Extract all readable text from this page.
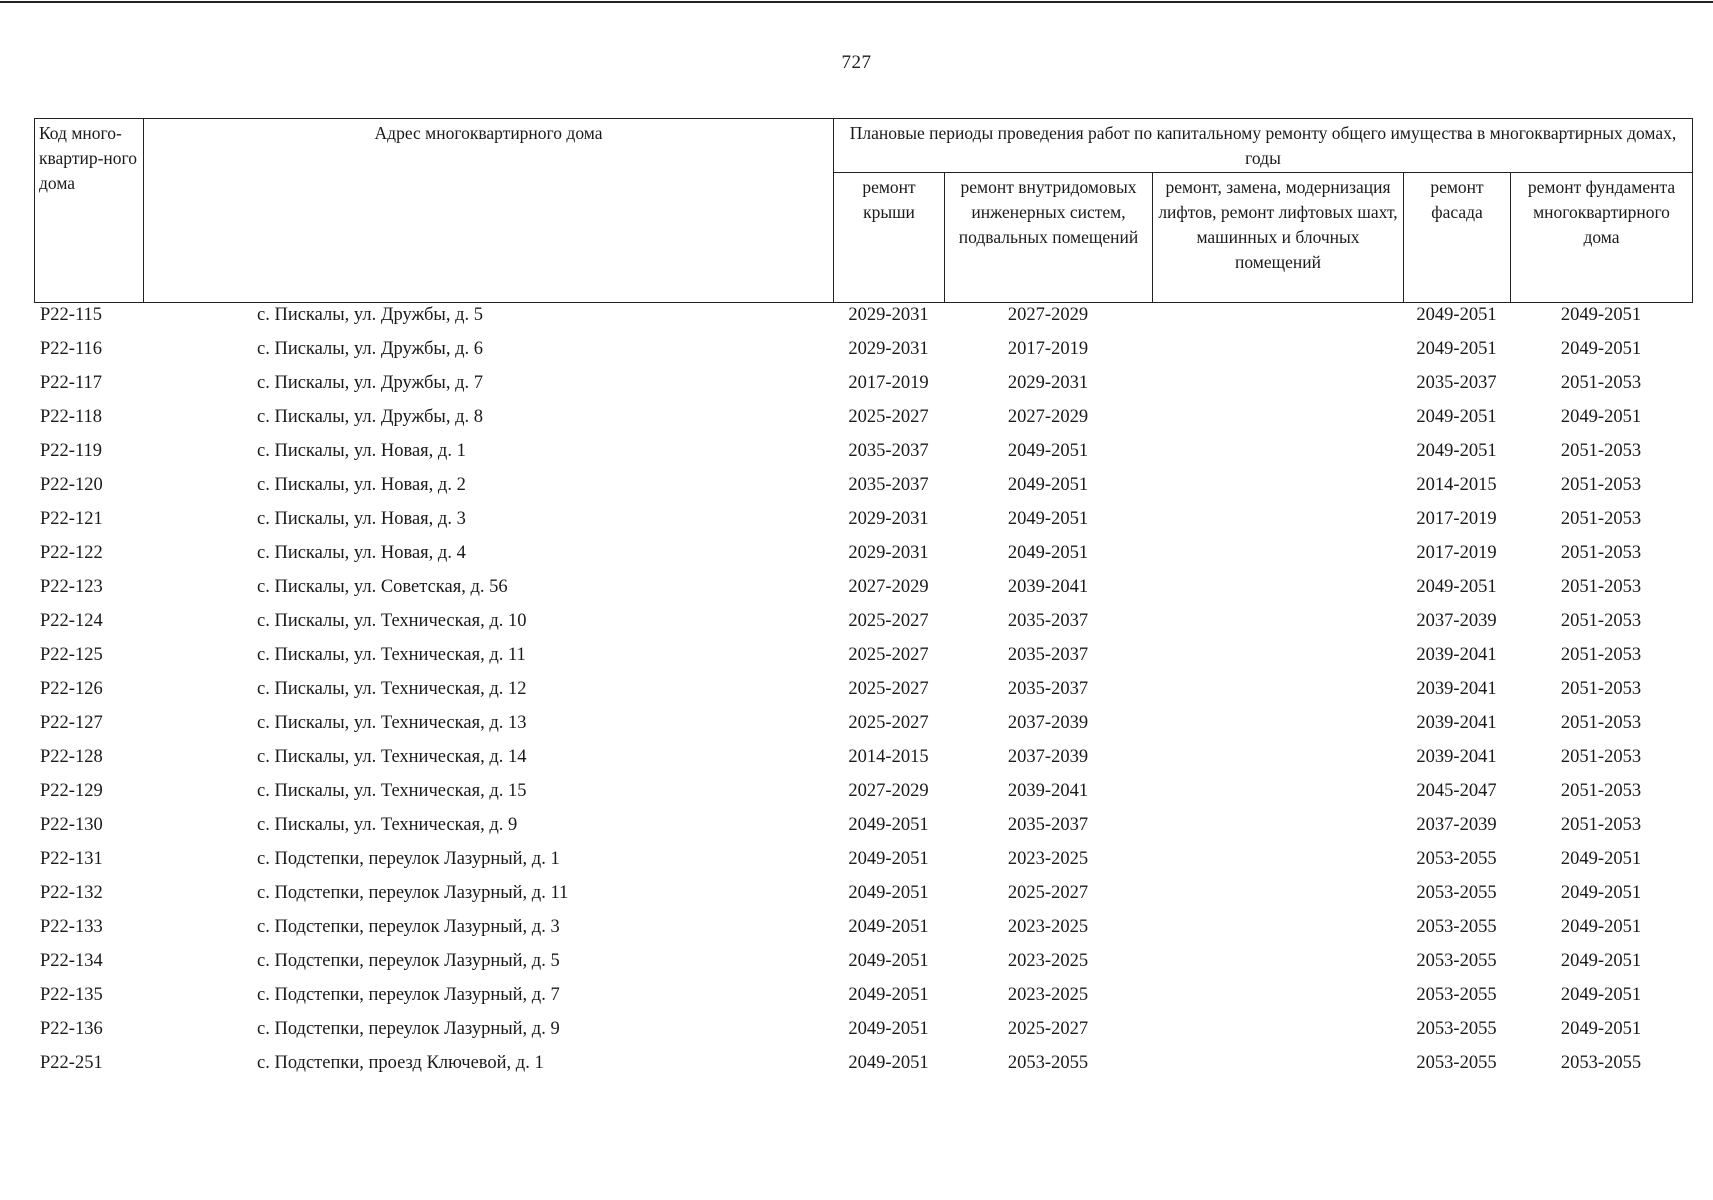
727
Код много-квартир-ного дома	Адрес многоквартирного дома	Плановые периоды проведения работ по капитальному ремонту общего имущества в многоквартирных домах, годы				
		ремонт крыши	ремонт внутридомовых инженерных систем, подвальных помещений	ремонт, замена, модернизация лифтов, ремонт лифтовых шахт, машинных и блочных помещений	ремонт фасада	ремонт фундамента многоквартирного дома
Р22-115	с. Пискалы, ул. Дружбы, д. 5	2029-2031	2027-2029		2049-2051	2049-2051
Р22-116	с. Пискалы, ул. Дружбы, д. 6	2029-2031	2017-2019		2049-2051	2049-2051
Р22-117	с. Пискалы, ул. Дружбы, д. 7	2017-2019	2029-2031		2035-2037	2051-2053
Р22-118	с. Пискалы, ул. Дружбы, д. 8	2025-2027	2027-2029		2049-2051	2049-2051
Р22-119	с. Пискалы, ул. Новая, д. 1	2035-2037	2049-2051		2049-2051	2051-2053
Р22-120	с. Пискалы, ул. Новая, д. 2	2035-2037	2049-2051		2014-2015	2051-2053
Р22-121	с. Пискалы, ул. Новая, д. 3	2029-2031	2049-2051		2017-2019	2051-2053
Р22-122	с. Пискалы, ул. Новая, д. 4	2029-2031	2049-2051		2017-2019	2051-2053
Р22-123	с. Пискалы, ул. Советская, д. 56	2027-2029	2039-2041		2049-2051	2051-2053
Р22-124	с. Пискалы, ул. Техническая, д. 10	2025-2027	2035-2037		2037-2039	2051-2053
Р22-125	с. Пискалы, ул. Техническая, д. 11	2025-2027	2035-2037		2039-2041	2051-2053
Р22-126	с. Пискалы, ул. Техническая, д. 12	2025-2027	2035-2037		2039-2041	2051-2053
Р22-127	с. Пискалы, ул. Техническая, д. 13	2025-2027	2037-2039		2039-2041	2051-2053
Р22-128	с. Пискалы, ул. Техническая, д. 14	2014-2015	2037-2039		2039-2041	2051-2053
Р22-129	с. Пискалы, ул. Техническая, д. 15	2027-2029	2039-2041		2045-2047	2051-2053
Р22-130	с. Пискалы, ул. Техническая, д. 9	2049-2051	2035-2037		2037-2039	2051-2053
Р22-131	с. Подстепки, переулок Лазурный, д. 1	2049-2051	2023-2025		2053-2055	2049-2051
Р22-132	с. Подстепки, переулок Лазурный, д. 11	2049-2051	2025-2027		2053-2055	2049-2051
Р22-133	с. Подстепки, переулок Лазурный, д. 3	2049-2051	2023-2025		2053-2055	2049-2051
Р22-134	с. Подстепки, переулок Лазурный, д. 5	2049-2051	2023-2025		2053-2055	2049-2051
Р22-135	с. Подстепки, переулок Лазурный, д. 7	2049-2051	2023-2025		2053-2055	2049-2051
Р22-136	с. Подстепки, переулок Лазурный, д. 9	2049-2051	2025-2027		2053-2055	2049-2051
Р22-251	с. Подстепки, проезд Ключевой, д. 1	2049-2051	2053-2055		2053-2055	2053-2055
